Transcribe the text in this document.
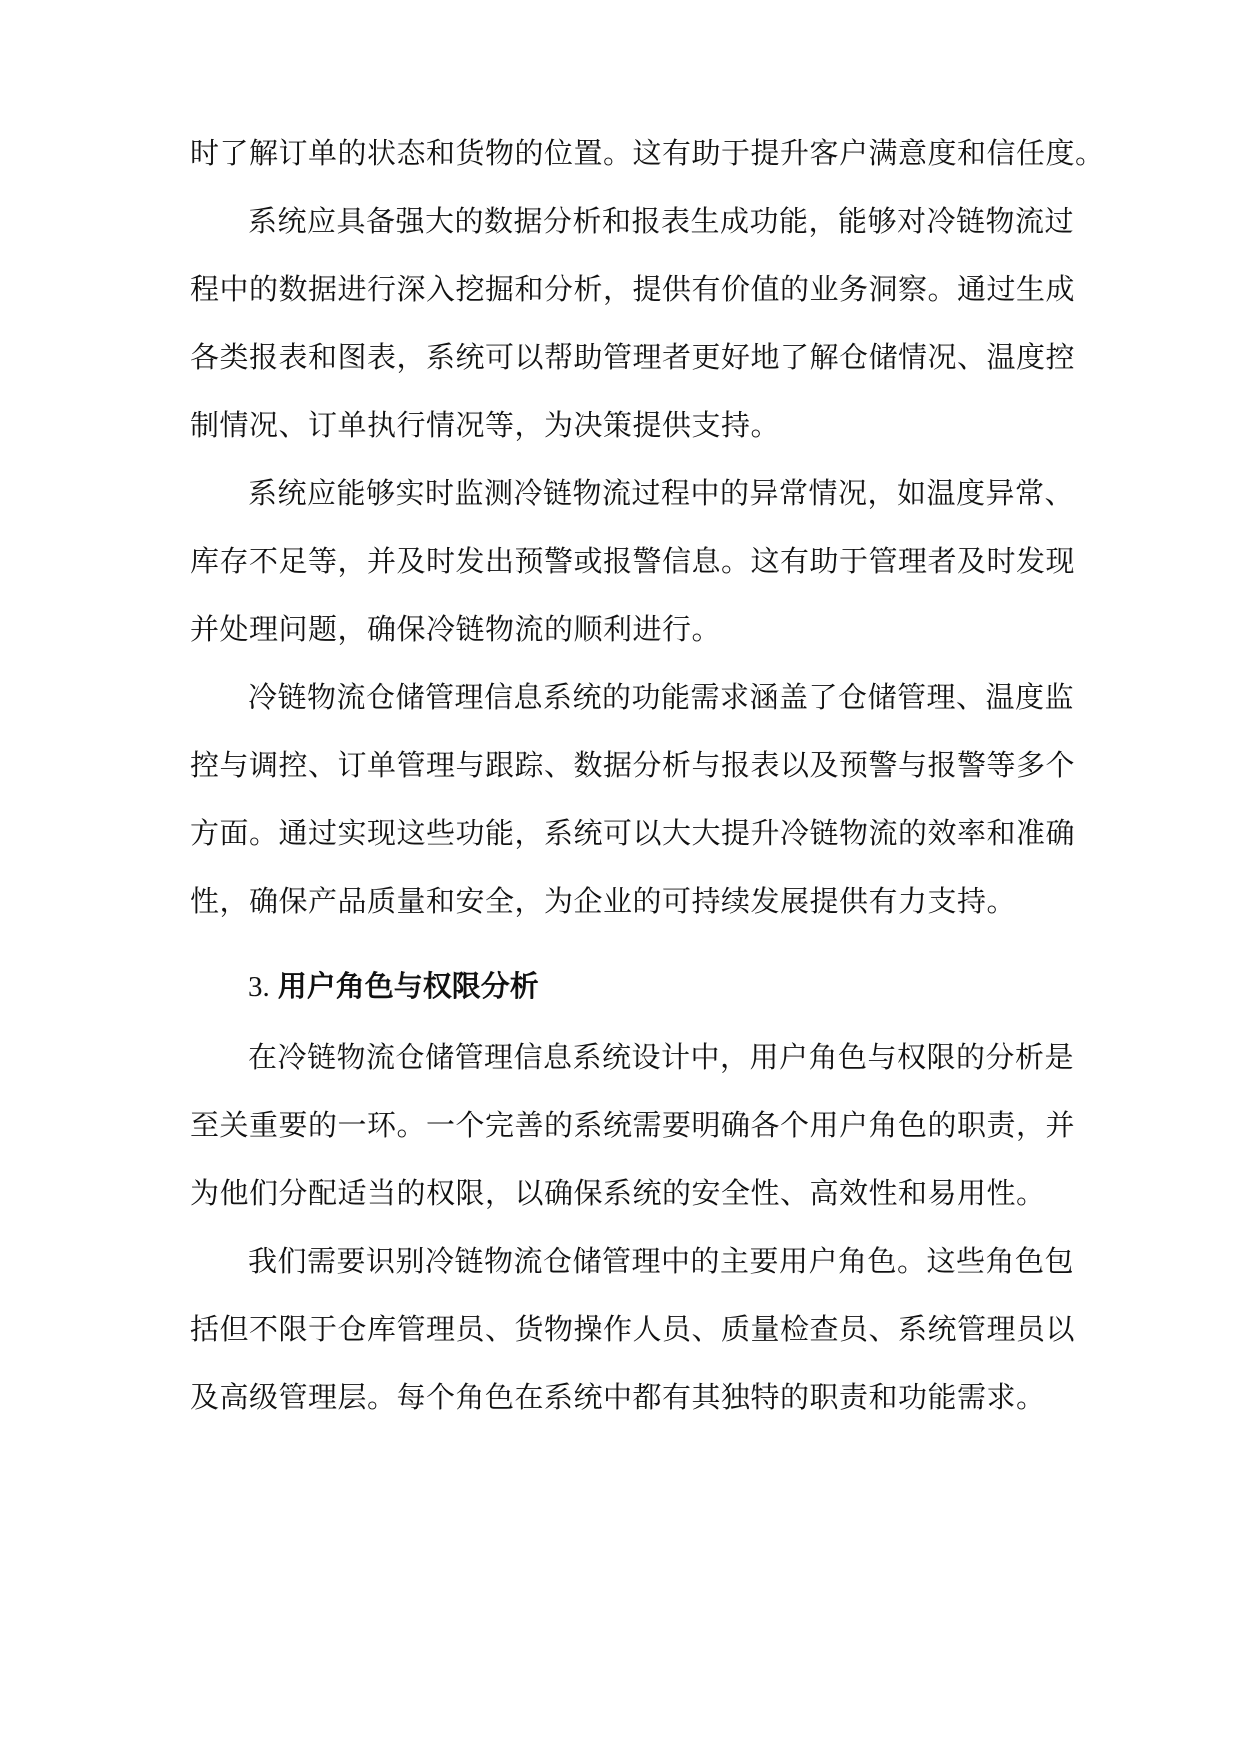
时了解订单的状态和货物的位置。这有助于提升客户满意度和信任度。
系统应具备强大的数据分析和报表生成功能，能够对冷链物流过
程中的数据进行深入挖掘和分析，提供有价值的业务洞察。通过生成
各类报表和图表，系统可以帮助管理者更好地了解仓储情况、温度控
制情况、订单执行情况等，为决策提供支持。
系统应能够实时监测冷链物流过程中的异常情况，如温度异常、
库存不足等，并及时发出预警或报警信息。这有助于管理者及时发现
并处理问题，确保冷链物流的顺利进行。
冷链物流仓储管理信息系统的功能需求涵盖了仓储管理、温度监
控与调控、订单管理与跟踪、数据分析与报表以及预警与报警等多个
方面。通过实现这些功能，系统可以大大提升冷链物流的效率和准确
性，确保产品质量和安全，为企业的可持续发展提供有力支持。
3. 用户角色与权限分析
在冷链物流仓储管理信息系统设计中，用户角色与权限的分析是
至关重要的一环。一个完善的系统需要明确各个用户角色的职责，并
为他们分配适当的权限，以确保系统的安全性、高效性和易用性。
我们需要识别冷链物流仓储管理中的主要用户角色。这些角色包
括但不限于仓库管理员、货物操作人员、质量检查员、系统管理员以
及高级管理层。每个角色在系统中都有其独特的职责和功能需求。
